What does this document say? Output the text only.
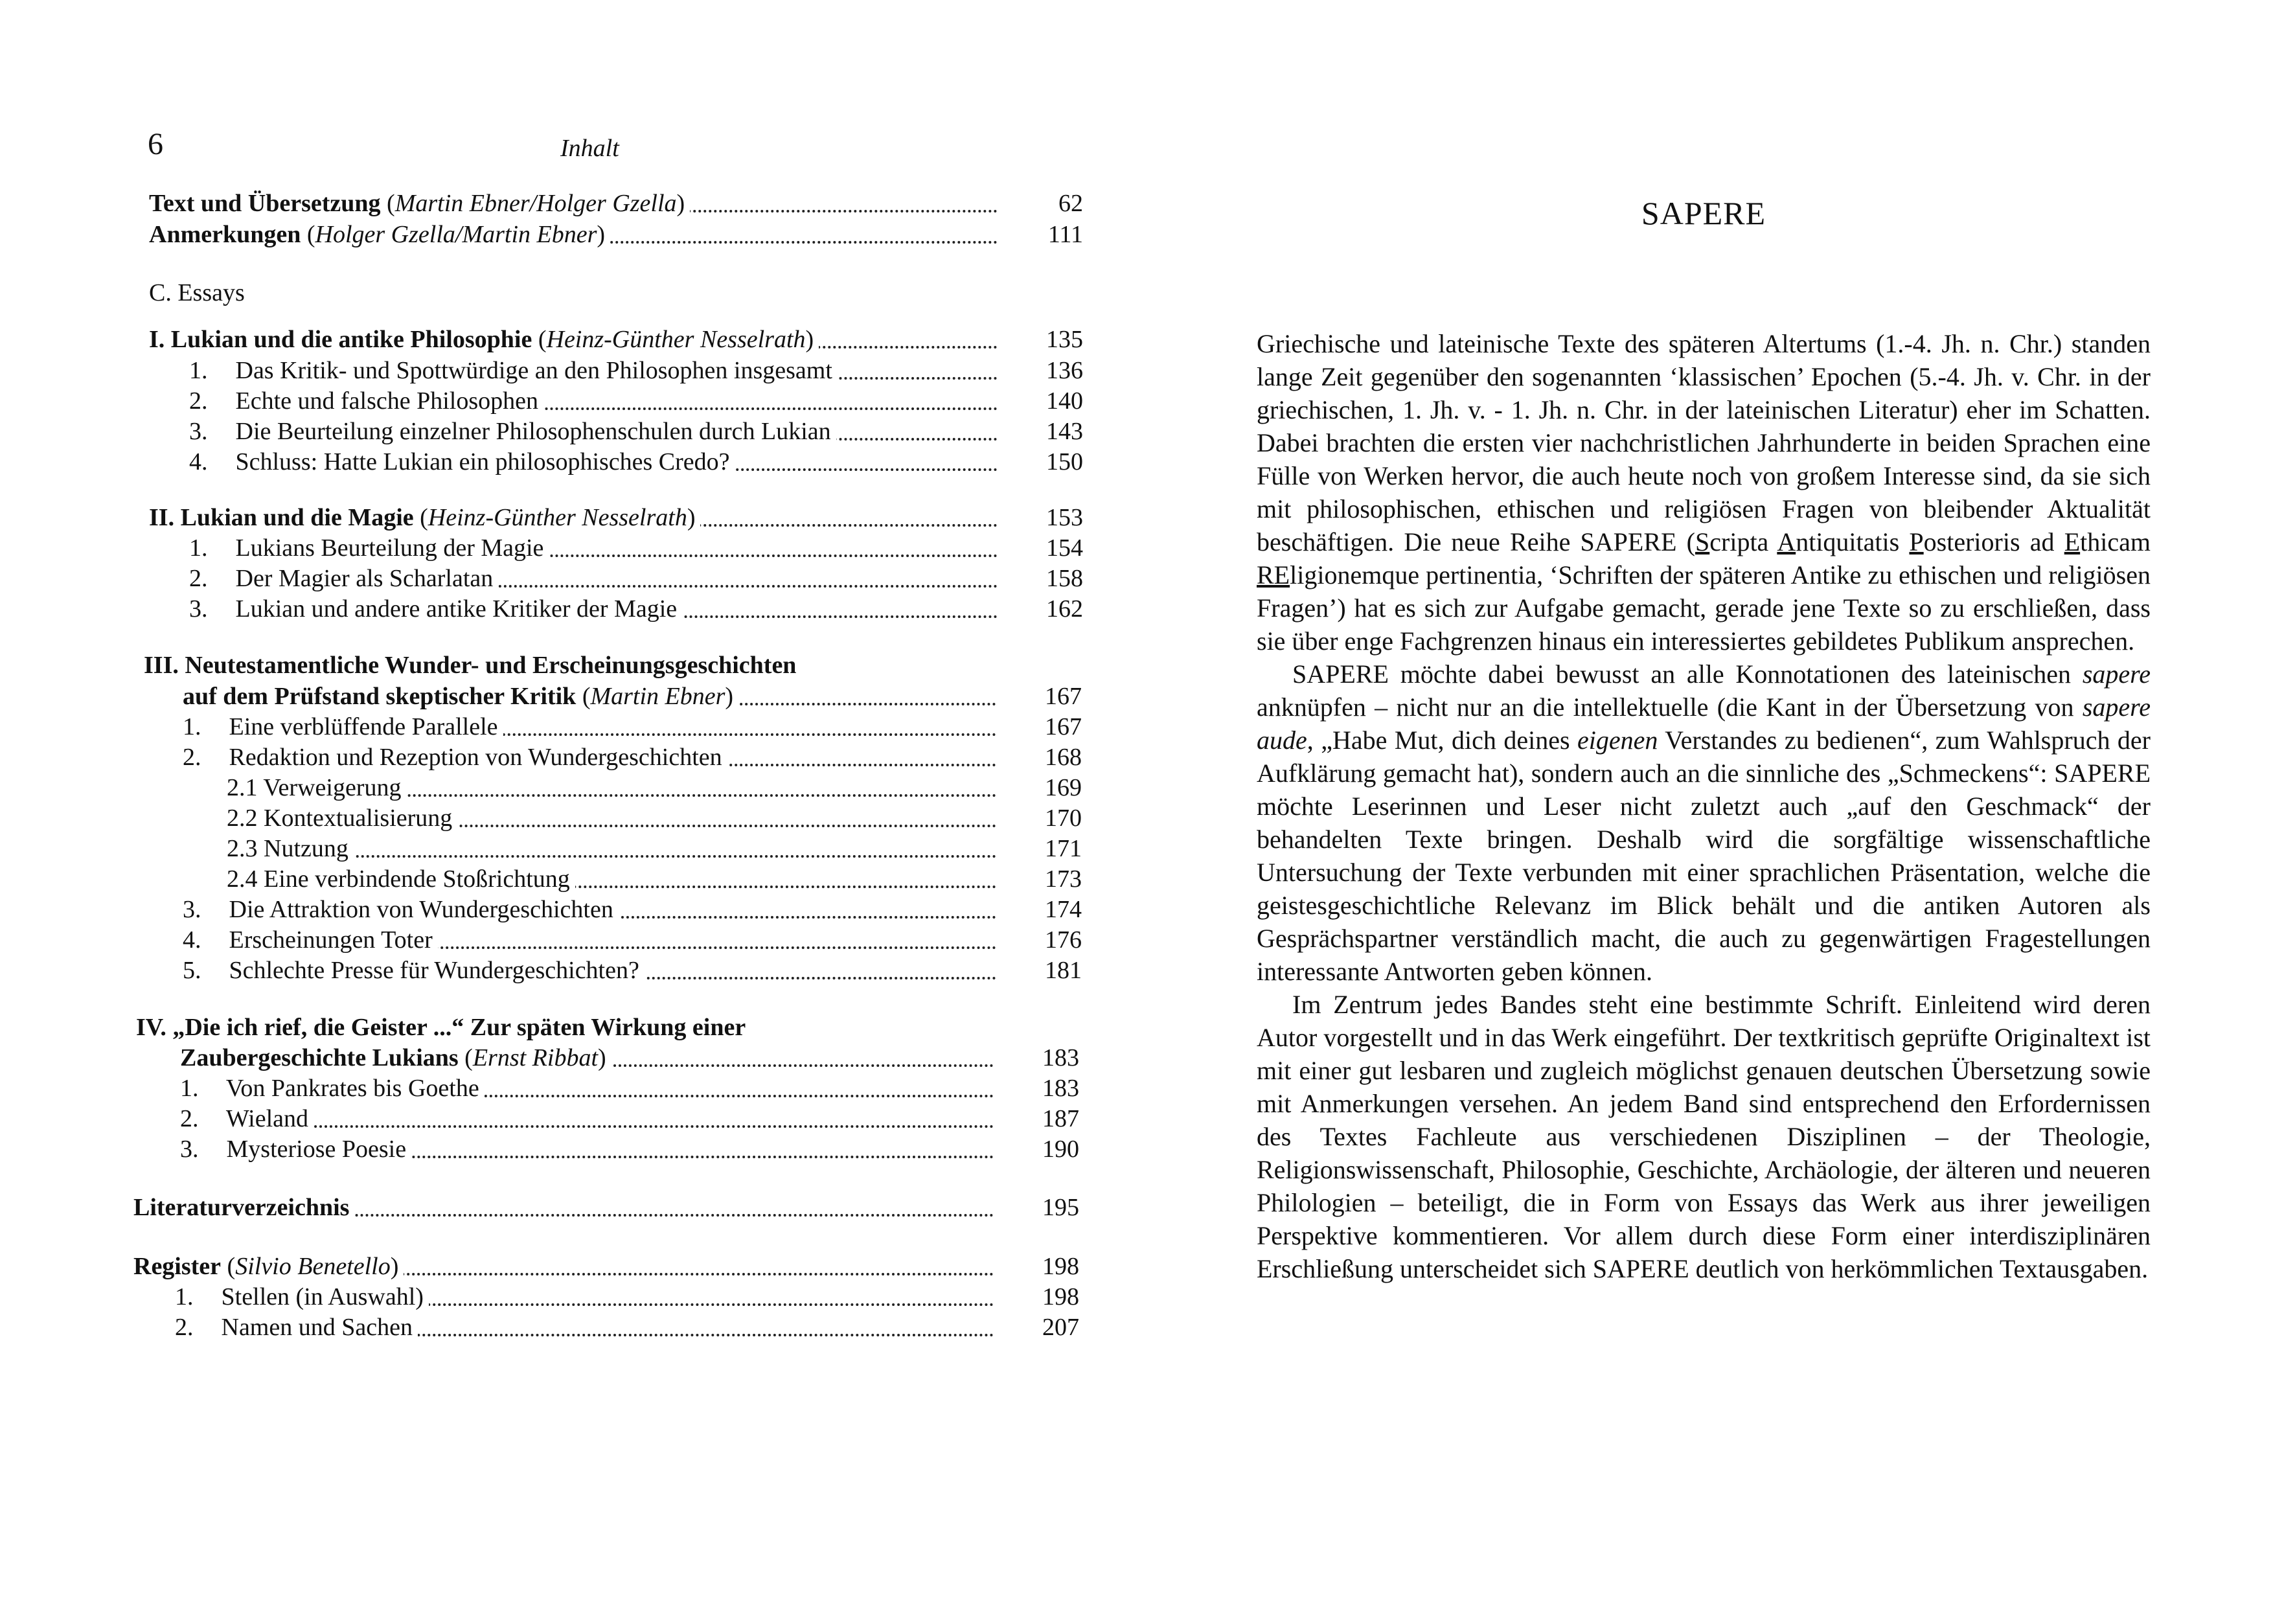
6	Inhalt
Text und Übersetzung (Martin Ebner/Holger Gzella)	62
Anmerkungen (Holger Gzella/Martin Ebner)	111
C. Essays
I. Lukian und die antike Philosophie (Heinz-Günther Nesselrath)	135
1. Das Kritik- und Spottwürdige an den Philosophen insgesamt	136
2. Echte und falsche Philosophen	140
3. Die Beurteilung einzelner Philosophenschulen durch Lukian	143
4. Schluss: Hatte Lukian ein philosophisches Credo?	150
II. Lukian und die Magie (Heinz-Günther Nesselrath)	153
1. Lukians Beurteilung der Magie	154
2. Der Magier als Scharlatan	158
3. Lukian und andere antike Kritiker der Magie	162
III. Neutestamentliche Wunder- und Erscheinungsgeschichten
auf dem Prüfstand skeptischer Kritik (Martin Ebner)	167
1. Eine verblüffende Parallele	167
2. Redaktion und Rezeption von Wundergeschichten	168
2.1 Verweigerung	169
2.2 Kontextualisierung	170
2.3 Nutzung	171
2.4 Eine verbindende Stoßrichtung	173
3. Die Attraktion von Wundergeschichten	174
4. Erscheinungen Toter	176
5. Schlechte Presse für Wundergeschichten?	181
IV. „Die ich rief, die Geister ...“ Zur späten Wirkung einer
Zaubergeschichte Lukians (Ernst Ribbat)	183
1. Von Pankrates bis Goethe	183
2. Wieland	187
3. Mysteriose Poesie	190
Literaturverzeichnis	195
Register (Silvio Benetello)	198
1. Stellen (in Auswahl)	198
2. Namen und Sachen	207
SAPERE

Griechische und lateinische Texte des späteren Altertums (1.-4. Jh. n. Chr.) standen lange Zeit gegenüber den sogenannten ‘klassischen’ Epochen (5.-4. Jh. v. Chr. in der griechischen, 1. Jh. v. - 1. Jh. n. Chr. in der lateinischen Literatur) eher im Schatten. Dabei brachten die ersten vier nachchristlichen Jahrhunderte in beiden Sprachen eine Fülle von Werken hervor, die auch heute noch von großem Interesse sind, da sie sich mit philosophischen, ethischen und religiösen Fragen von bleibender Aktualität beschäftigen. Die neue Reihe SAPERE (Scripta Antiquitatis Posterioris ad Ethicam REligionemque pertinentia, ‘Schriften der späteren Antike zu ethischen und religiösen Fragen’) hat es sich zur Aufgabe gemacht, gerade jene Texte so zu erschließen, dass sie über enge Fachgrenzen hinaus ein interessiertes gebildetes Publikum ansprechen.

SAPERE möchte dabei bewusst an alle Konnotationen des lateinischen sapere anknüpfen – nicht nur an die intellektuelle (die Kant in der Übersetzung von sapere aude, „Habe Mut, dich deines eigenen Verstandes zu bedienen“, zum Wahlspruch der Aufklärung gemacht hat), sondern auch an die sinnliche des „Schmeckens“: SAPERE möchte Leserinnen und Leser nicht zuletzt auch „auf den Geschmack“ der behandelten Texte bringen. Deshalb wird die sorgfältige wissenschaftliche Untersuchung der Texte verbunden mit einer sprachlichen Präsentation, welche die geistesgeschichtliche Relevanz im Blick behält und die antiken Autoren als Gesprächspartner verständlich macht, die auch zu gegenwärtigen Fragestellungen interessante Antworten geben können.

Im Zentrum jedes Bandes steht eine bestimmte Schrift. Einleitend wird deren Autor vorgestellt und in das Werk eingeführt. Der textkritisch geprüfte Originaltext ist mit einer gut lesbaren und zugleich möglichst genauen deutschen Übersetzung sowie mit Anmerkungen versehen. An jedem Band sind entsprechend den Erfordernissen des Textes Fachleute aus verschiedenen Disziplinen – der Theologie, Religionswissenschaft, Philosophie, Geschichte, Archäologie, der älteren und neueren Philologien – beteiligt, die in Form von Essays das Werk aus ihrer jeweiligen Perspektive kommentieren. Vor allem durch diese Form einer interdisziplinären Erschließung unterscheidet sich SAPERE deutlich von herkömmlichen Textausgaben.
